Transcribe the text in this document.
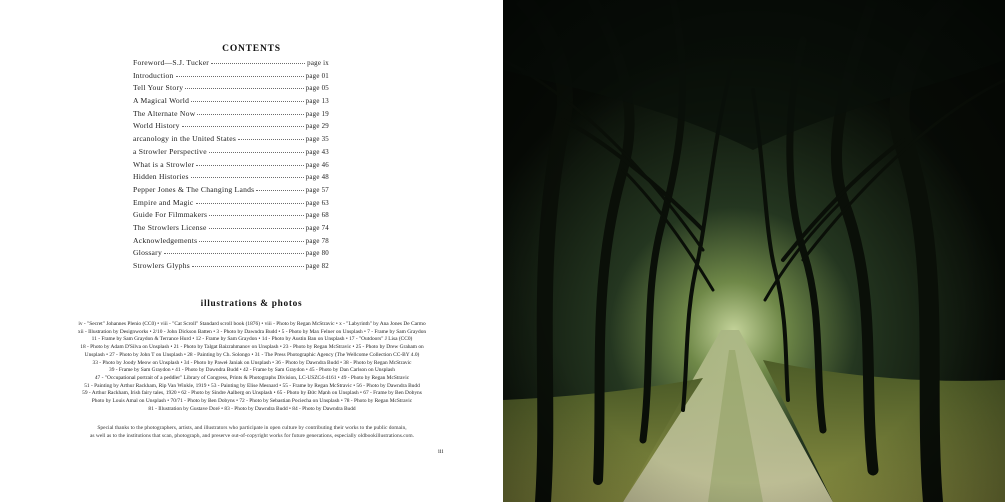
CONTENTS
Foreword—S.J. Tucker	page ix
Introduction	page 01
Tell Your Story	page 05
A Magical World	page 13
The Alternate Now	page 19
World History	page 29
arcanology in the United States	page 35
a Strowler Perspective	page 43
What is a Strowler	page 46
Hidden Histories	page 48
Pepper Jones & The Changing Lands	page 57
Empire and Magic	page 63
Guide For Filmmakers	page 68
The Strowlers License	page 74
Acknowledgements	page 78
Glossary	page 80
Strowlers Glyphs	page 82
illustrations & photos
iv - "Secret" Johannes Plenio (CC0) • viii - "Cat Scroll" Standard scroll book (1876) • viii - Photo by Regan McStravic • x - "Labyrinth" by Ana Jones De Carmo
xii - Illustration by Designworks • 2/10 - John Dickson Batten • 3 - Photo by Dawndra Budd • 5 - Photo by Max Felner on Unsplash • 7 - Frame by Sam Graydon
11 - Frame by Sam Graydon & Terrance Hurd • 12 - Frame by Sam Graydon • 14 - Photo by Austin Ban on Unsplash • 17 - "Outdoors" J Lisa (CC0)
18 - Photo by Adam D'Silva on Unsplash • 21 - Photo by Talgat Baizrahmanov on Unsplash • 23 - Photo by Regan McStravic • 25 - Photo by Drew Graham on
Unsplash • 27 - Photo by John T on Unsplash • 28 - Painting by Ch. Solongo • 31 - The Press Photographic Agency (The Wellcome Collection CC-BY 4.0)
33 - Photo by Joody Meow on Unsplash • 34 - Photo by Paweł Janiak on Unsplash • 36 - Photo by Dawndra Budd • 38 - Photo by Regan McStravic
39 - Frame by Sam Graydon • 41 - Photo by Dawndra Budd • 42 - Frame by Sam Graydon • 45 - Photo by Dan Carlson on Unsplash
47 - "Occupational portrait of a peddler" Library of Congress, Prints & Photographs Division, LC-USZC4-4161 • 49 - Photo by Regan McStravic
51 - Painting by Arthur Rackham, Rip Van Winkle, 1919 • 53 - Painting by Elise Mesnard • 55 - Frame by Regan McStravic • 56 - Photo by Dawndra Budd
59 - Arthur Rackham, Irish fairy tales, 1920 • 62 - Photo by Sindre Aalberg on Unsplash • 65 - Photo by Đức Mạnh on Unsplash • 67 - Frame by Ben Dobyns
Photo by Louis Amal on Unsplash • 70/71 - Photo by Ben Dobyns • 72 - Photo by Sebastian Pociecha on Unsplash • 78 - Photo by Regan McStravic
81 - Illustration by Gustave Doré • 83 - Photo by Dawndra Budd • 84 - Photo by Dawndra Budd
Special thanks to the photographers, artists, and illustrators who participate in open culture by contributing their works to the public domain,
as well as to the institutions that scan, photograph, and preserve out-of-copyright works for future generations, especially oldbookillustrations.com.
iii
